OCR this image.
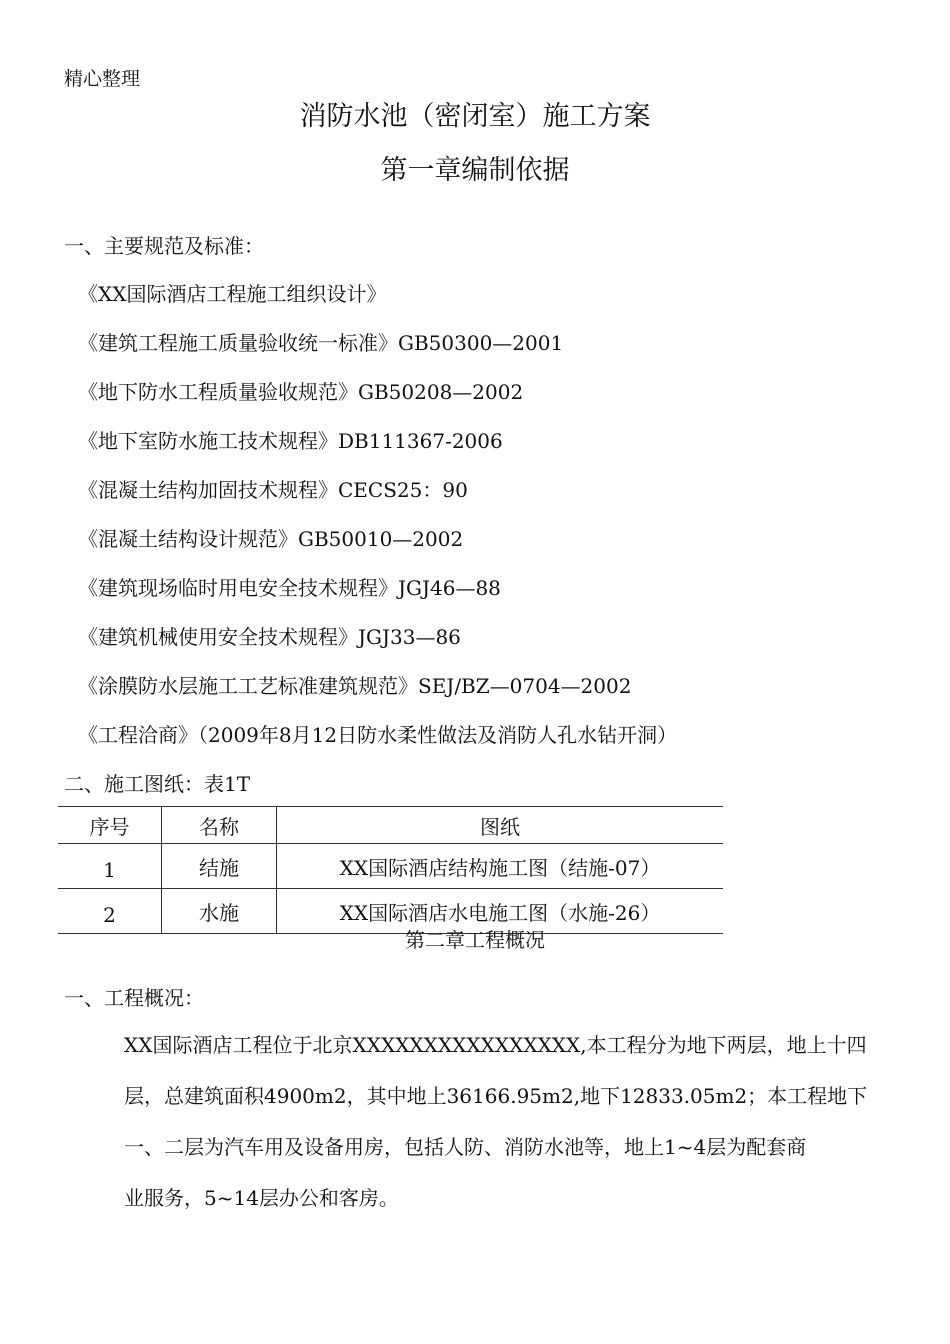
精心整理
消防水池（密闭室）施工方案
第一章编制依据
一、主要规范及标准：
《XX国际酒店工程施工组织设计》
《建筑工程施工质量验收统一标准》GB50300—2001
《地下防水工程质量验收规范》GB50208—2002
《地下室防水施工技术规程》DB111367-2006
《混凝土结构加固技术规程》CECS25：90
《混凝土结构设计规范》GB50010—2002
《建筑现场临时用电安全技术规程》JGJ46—88
《建筑机械使用安全技术规程》JGJ33—86
《涂膜防水层施工工艺标准建筑规范》SEJ/BZ—0704—2002
《工程洽商》（2009年8月12日防水柔性做法及消防人孔水钻开洞）
二、施工图纸：表1T
序号	名称	图纸
1	结施	XX国际酒店结构施工图（结施-07）
2	水施	XX国际酒店水电施工图（水施-26）
第二章工程概况
一、工程概况：
XX国际酒店工程位于北京XXXXXXXXXXXXXXXX,本工程分为地下两层，地上十四
层，总建筑面积4900m2，其中地上36166.95m2,地下12833.05m2；本工程地下
一、二层为汽车用及设备用房，包括人防、消防水池等，地上1~4层为配套商
业服务，5~14层办公和客房。
